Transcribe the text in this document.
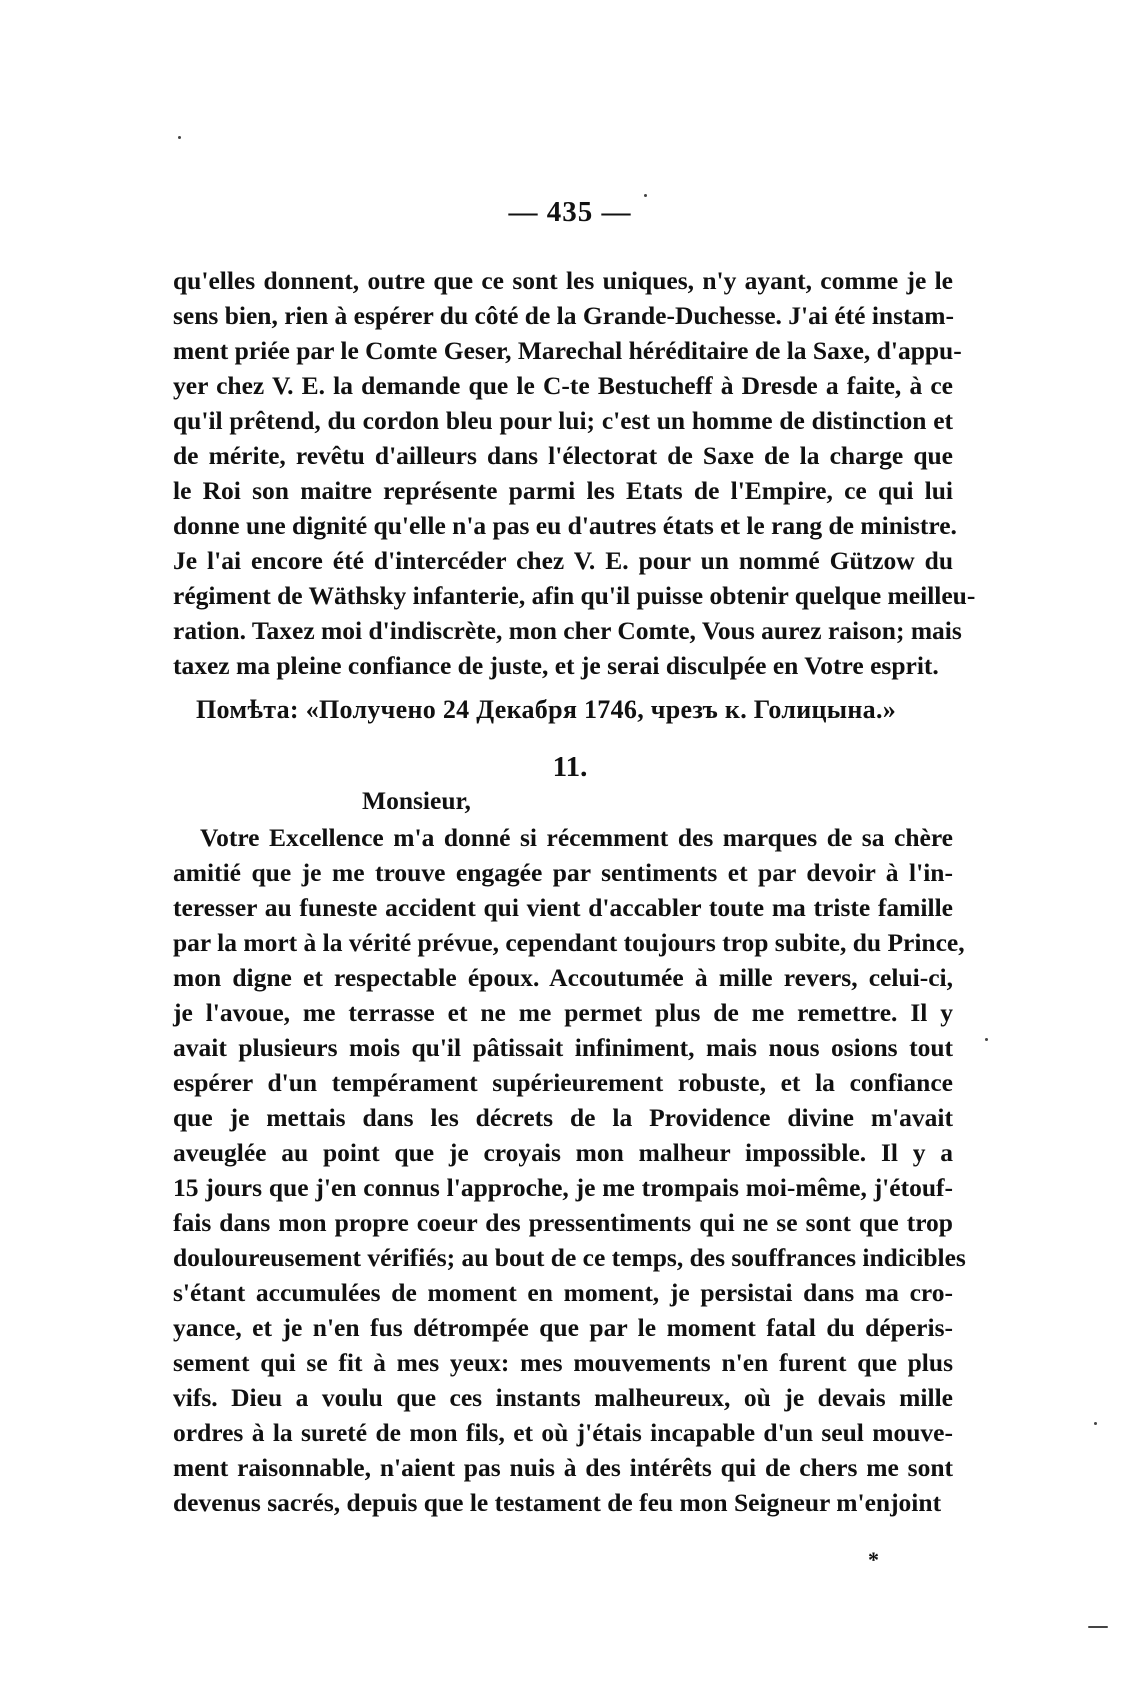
— 435 —
qu'elles donnent, outre que ce sont les uniques, n'y ayant, comme je le
sens bien, rien à espérer du côté de la Grande-Duchesse. J'ai été instam-
ment priée par le Comte Geser, Marechal héréditaire de la Saxe, d'appu-
yer chez V. E. la demande que le C-te Bestucheff à Dresde a faite, à ce
qu'il prêtend, du cordon bleu pour lui; c'est un homme de distinction et
de mérite, revêtu d'ailleurs dans l'électorat de Saxe de la charge que
le Roi son maitre représente parmi les Etats de l'Empire, ce qui lui
donne une dignité qu'elle n'a pas eu d'autres états et le rang de ministre.
Je l'ai encore été d'intercéder chez V. E. pour un nommé Gützow du
régiment de Wäthsky infanterie, afin qu'il puisse obtenir quelque meilleu-
ration. Taxez moi d'indiscrète, mon cher Comte, Vous aurez raison; mais
taxez ma pleine confiance de juste, et je serai disculpée en Votre esprit.
Помѣта: «Получено 24 Декабря 1746, чрезъ к. Голицына.»
11.
Monsieur,
Votre Excellence m'a donné si récemment des marques de sa chère
amitié que je me trouve engagée par sentiments et par devoir à l'in-
teresser au funeste accident qui vient d'accabler toute ma triste famille
par la mort à la vérité prévue, cependant toujours trop subite, du Prince,
mon digne et respectable époux. Accoutumée à mille revers, celui-ci,
je l'avoue, me terrasse et ne me permet plus de me remettre. Il y
avait plusieurs mois qu'il pâtissait infiniment, mais nous osions tout
espérer d'un tempérament supérieurement robuste, et la confiance
que je mettais dans les décrets de la Providence divine m'avait
aveuglée au point que je croyais mon malheur impossible. Il y a
15 jours que j'en connus l'approche, je me trompais moi-même, j'étouf-
fais dans mon propre coeur des pressentiments qui ne se sont que trop
douloureusement vérifiés; au bout de ce temps, des souffrances indicibles
s'étant accumulées de moment en moment, je persistai dans ma cro-
yance, et je n'en fus détrompée que par le moment fatal du déperis-
sement qui se fit à mes yeux: mes mouvements n'en furent que plus
vifs. Dieu a voulu que ces instants malheureux, où je devais mille
ordres à la sureté de mon fils, et où j'étais incapable d'un seul mouve-
ment raisonnable, n'aient pas nuis à des intérêts qui de chers me sont
devenus sacrés, depuis que le testament de feu mon Seigneur m'enjoint
*
